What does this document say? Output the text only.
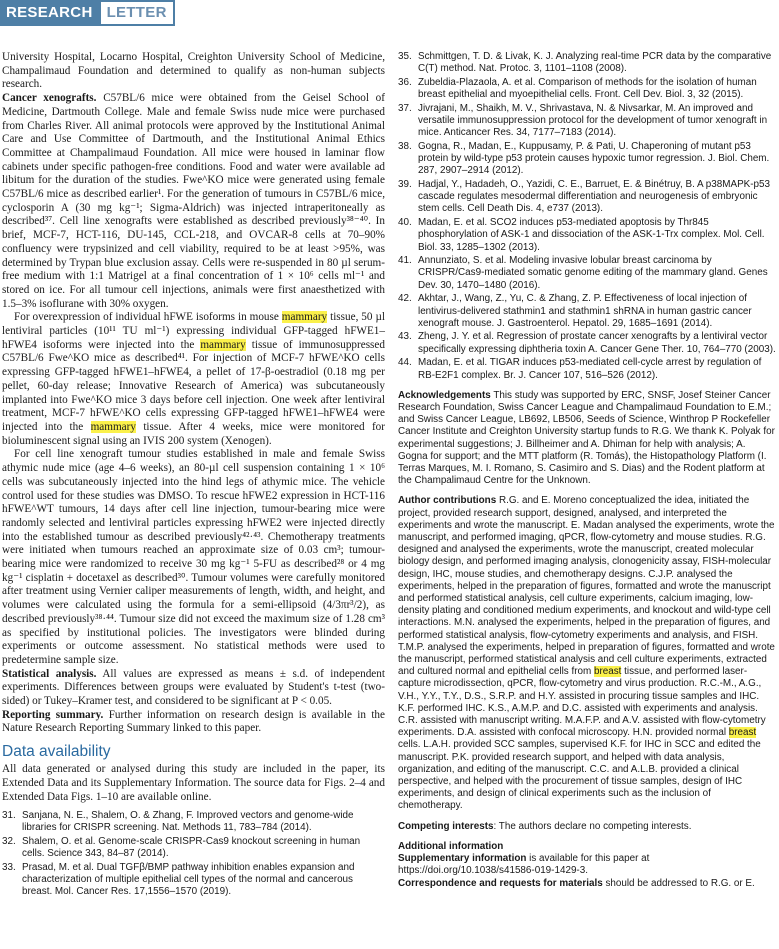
RESEARCH LETTER

University Hospital, Locarno Hospital, Creighton University School of Medicine, Champalimaud Foundation and determined to qualify as non-human subjects research.

Cancer xenografts. C57BL/6 mice were obtained from the Geisel School of Medicine, Dartmouth College. Male and female Swiss nude mice were purchased from Charles River. All animal protocols were approved by the Institutional Animal Care and Use Committee of Dartmouth, and the Institutional Animal Ethics Committee at Champalimaud Foundation. All mice were housed in laminar flow cabinets under specific pathogen-free conditions. Food and water were available ad libitum for the duration of the studies. Fwe^KO mice were generated using female C57BL/6 mice as described earlier¹. For the generation of tumours in C57BL/6 mice, cyclosporin A (30 mg kg⁻¹; Sigma-Aldrich) was injected intraperitoneally as described³⁷. Cell line xenografts were established as described previously³⁸⁻⁴⁰. In brief, MCF-7, HCT-116, DU-145, CCL-218, and OVCAR-8 cells at 70–90% confluency were trypsinized and cell viability, required to be at least >95%, was determined by Trypan blue exclusion assay. Cells were re-suspended in 80 µl serum-free medium with 1:1 Matrigel at a final concentration of 1 × 10⁶ cells ml⁻¹ and stored on ice. For all tumour cell injections, animals were first anaesthetized with 1.5–3% isoflurane with 30% oxygen.

For overexpression of individual hFWE isoforms in mouse mammary tissue, 50 µl lentiviral particles (10¹¹ TU ml⁻¹) expressing individual GFP-tagged hFWE1–hFWE4 isoforms were injected into the mammary tissue of immunosuppressed C57BL/6 Fwe^KO mice as described⁴¹. For injection of MCF-7 hFWE^KO cells expressing GFP-tagged hFWE1–hFWE4, a pellet of 17-β-oestradiol (0.18 mg per pellet, 60-day release; Innovative Research of America) was subcutaneously implanted into Fwe^KO mice 3 days before cell injection. One week after lentiviral treatment, MCF-7 hFWE^KO cells expressing GFP-tagged hFWE1–hFWE4 were injected into the mammary tissue. After 4 weeks, mice were monitored for bioluminescent signal using an IVIS 200 system (Xenogen).

For cell line xenograft tumour studies established in male and female Swiss athymic nude mice (age 4–6 weeks), an 80-µl cell suspension containing 1 × 10⁶ cells was subcutaneously injected into the hind legs of athymic mice. The vehicle control used for these studies was DMSO. To rescue hFWE2 expression in HCT-116 hFWE^WT tumours, 14 days after cell line injection, tumour-bearing mice were randomly selected and lentiviral particles expressing hFWE2 were injected directly into the established tumour as described previously⁴²·⁴³. Chemotherapy treatments were initiated when tumours reached an approximate size of 0.03 cm³; tumour-bearing mice were randomized to receive 30 mg kg⁻¹ 5-FU as described²⁸ or 4 mg kg⁻¹ cisplatin + docetaxel as described³⁰. Tumour volumes were carefully monitored after treatment using Vernier caliper measurements of length, width, and height, and volumes were calculated using the formula for a semi-ellipsoid (4/3πr³/2), as described previously³⁸·⁴⁴. Tumour size did not exceed the maximum size of 1.28 cm³ as specified by institutional policies. The investigators were blinded during experiments or outcome assessment. No statistical methods were used to predetermine sample size.

Statistical analysis. All values are expressed as means ± s.d. of independent experiments. Differences between groups were evaluated by Student's t-test (two-sided) or Tukey–Kramer test, and considered to be significant at P < 0.05.

Reporting summary. Further information on research design is available in the Nature Research Reporting Summary linked to this paper.

Data availability
All data generated or analysed during this study are included in the paper, its Extended Data and its Supplementary Information. The source data for Figs. 2–4 and Extended Data Figs. 1–10 are available online.
31. Sanjana, N. E., Shalem, O. & Zhang, F. Improved vectors and genome-wide libraries for CRISPR screening. Nat. Methods 11, 783–784 (2014).
32. Shalem, O. et al. Genome-scale CRISPR-Cas9 knockout screening in human cells. Science 343, 84–87 (2014).
33. Prasad, M. et al. Dual TGFβ/BMP pathway inhibition enables expansion and characterization of multiple epithelial cell types of the normal and cancerous breast. Mol. Cancer Res. 17,1556–1570 (2019).
35. Schmittgen, T. D. & Livak, K. J. Analyzing real-time PCR data by the comparative C(T) method. Nat. Protoc. 3, 1101–1108 (2008).
36. Zubeldia-Plazaola, A. et al. Comparison of methods for the isolation of human breast epithelial and myoepithelial cells. Front. Cell Dev. Biol. 3, 32 (2015).
37. Jivrajani, M., Shaikh, M. V., Shrivastava, N. & Nivsarkar, M. An improved and versatile immunosuppression protocol for the development of tumor xenograft in mice. Anticancer Res. 34, 7177–7183 (2014).
38. Gogna, R., Madan, E., Kuppusamy, P. & Pati, U. Chaperoning of mutant p53 protein by wild-type p53 protein causes hypoxic tumor regression. J. Biol. Chem. 287, 2907–2914 (2012).
39. Hadjal, Y., Hadadeh, O., Yazidi, C. E., Barruet, E. & Binétruy, B. A p38MAPK-p53 cascade regulates mesodermal differentiation and neurogenesis of embryonic stem cells. Cell Death Dis. 4, e737 (2013).
40. Madan, E. et al. SCO2 induces p53-mediated apoptosis by Thr845 phosphorylation of ASK-1 and dissociation of the ASK-1-Trx complex. Mol. Cell. Biol. 33, 1285–1302 (2013).
41. Annunziato, S. et al. Modeling invasive lobular breast carcinoma by CRISPR/Cas9-mediated somatic genome editing of the mammary gland. Genes Dev. 30, 1470–1480 (2016).
42. Akhtar, J., Wang, Z., Yu, C. & Zhang, Z. P. Effectiveness of local injection of lentivirus-delivered stathmin1 and stathmin1 shRNA in human gastric cancer xenograft mouse. J. Gastroenterol. Hepatol. 29, 1685–1691 (2014).
43. Zheng, J. Y. et al. Regression of prostate cancer xenografts by a lentiviral vector specifically expressing diphtheria toxin A. Cancer Gene Ther. 10, 764–770 (2003).
44. Madan, E. et al. TIGAR induces p53-mediated cell-cycle arrest by regulation of RB-E2F1 complex. Br. J. Cancer 107, 516–526 (2012).
Acknowledgements This study was supported by ERC, SNSF, Josef Steiner Cancer Research Foundation, Swiss Cancer League and Champalimaud Foundation to E.M.; and Swiss Cancer League, LB692, LB506, Seeds of Science, Winthrop P Rockefeller Cancer Institute and Creighton University startup funds to R.G. We thank K. Polyak for experimental suggestions; J. Billheimer and A. Dhiman for help with analysis; A. Gogna for support; and the MTT platform (R. Tomás), the Histopathology Platform (I. Terras Marques, M. I. Romano, S. Casimiro and S. Dias) and the Rodent platform at the Champalimaud Centre for the Unknown.
Author contributions R.G. and E. Moreno conceptualized the idea, initiated the project, provided research support, designed, analysed, and interpreted the experiments and wrote the manuscript. E. Madan analysed the experiments, wrote the manuscript, and performed imaging, qPCR, flow-cytometry and mouse studies. R.G. designed and analysed the experiments, wrote the manuscript, created molecular biology design, and performed imaging analysis, clonogenicity assay, FISH-molecular design, IHC, mouse studies, and chemotherapy designs. C.J.P. analysed the experiments, helped in the preparation of figures, formatted and wrote the manuscript and performed statistical analysis, cell culture experiments, calcium imaging, low-density plating and conditioned medium experiments, and knockout and wild-type cell interactions. M.N. analysed the experiments, helped in the preparation of figures, and performed statistical analysis, flow-cytometry experiments and analysis, and FISH. T.M.P. analysed the experiments, helped in preparation of figures, formatted and wrote the manuscript, performed statistical analysis and cell culture experiments, extracted and cultured normal and epithelial cells from breast tissue, and performed laser-capture microdissection, qPCR, flow-cytometry and virus production. R.C.-M., A.G., V.H., Y.Y., T.Y., D.S., S.R.P. and H.Y. assisted in procuring tissue samples and IHC. K.F. performed IHC. K.S., A.M.P. and D.C. assisted with experiments and analysis. C.R. assisted with manuscript writing. M.A.F.P. and A.V. assisted with flow-cytometry experiments. D.A. assisted with confocal microscopy. H.N. provided normal breast cells. L.A.H. provided SCC samples, supervised K.F. for IHC in SCC and edited the manuscript. P.K. provided research support, and helped with data analysis, organization, and editing of the manuscript. C.C. and A.L.B. provided a clinical perspective, and helped with the procurement of tissue samples, design of IHC experiments, and design of clinical experiments such as the inclusion of chemotherapy.
Competing interests: The authors declare no competing interests.
Additional information
Supplementary information is available for this paper at https://doi.org/10.1038/s41586-019-1429-3.
Correspondence and requests for materials should be addressed to R.G. or E.
